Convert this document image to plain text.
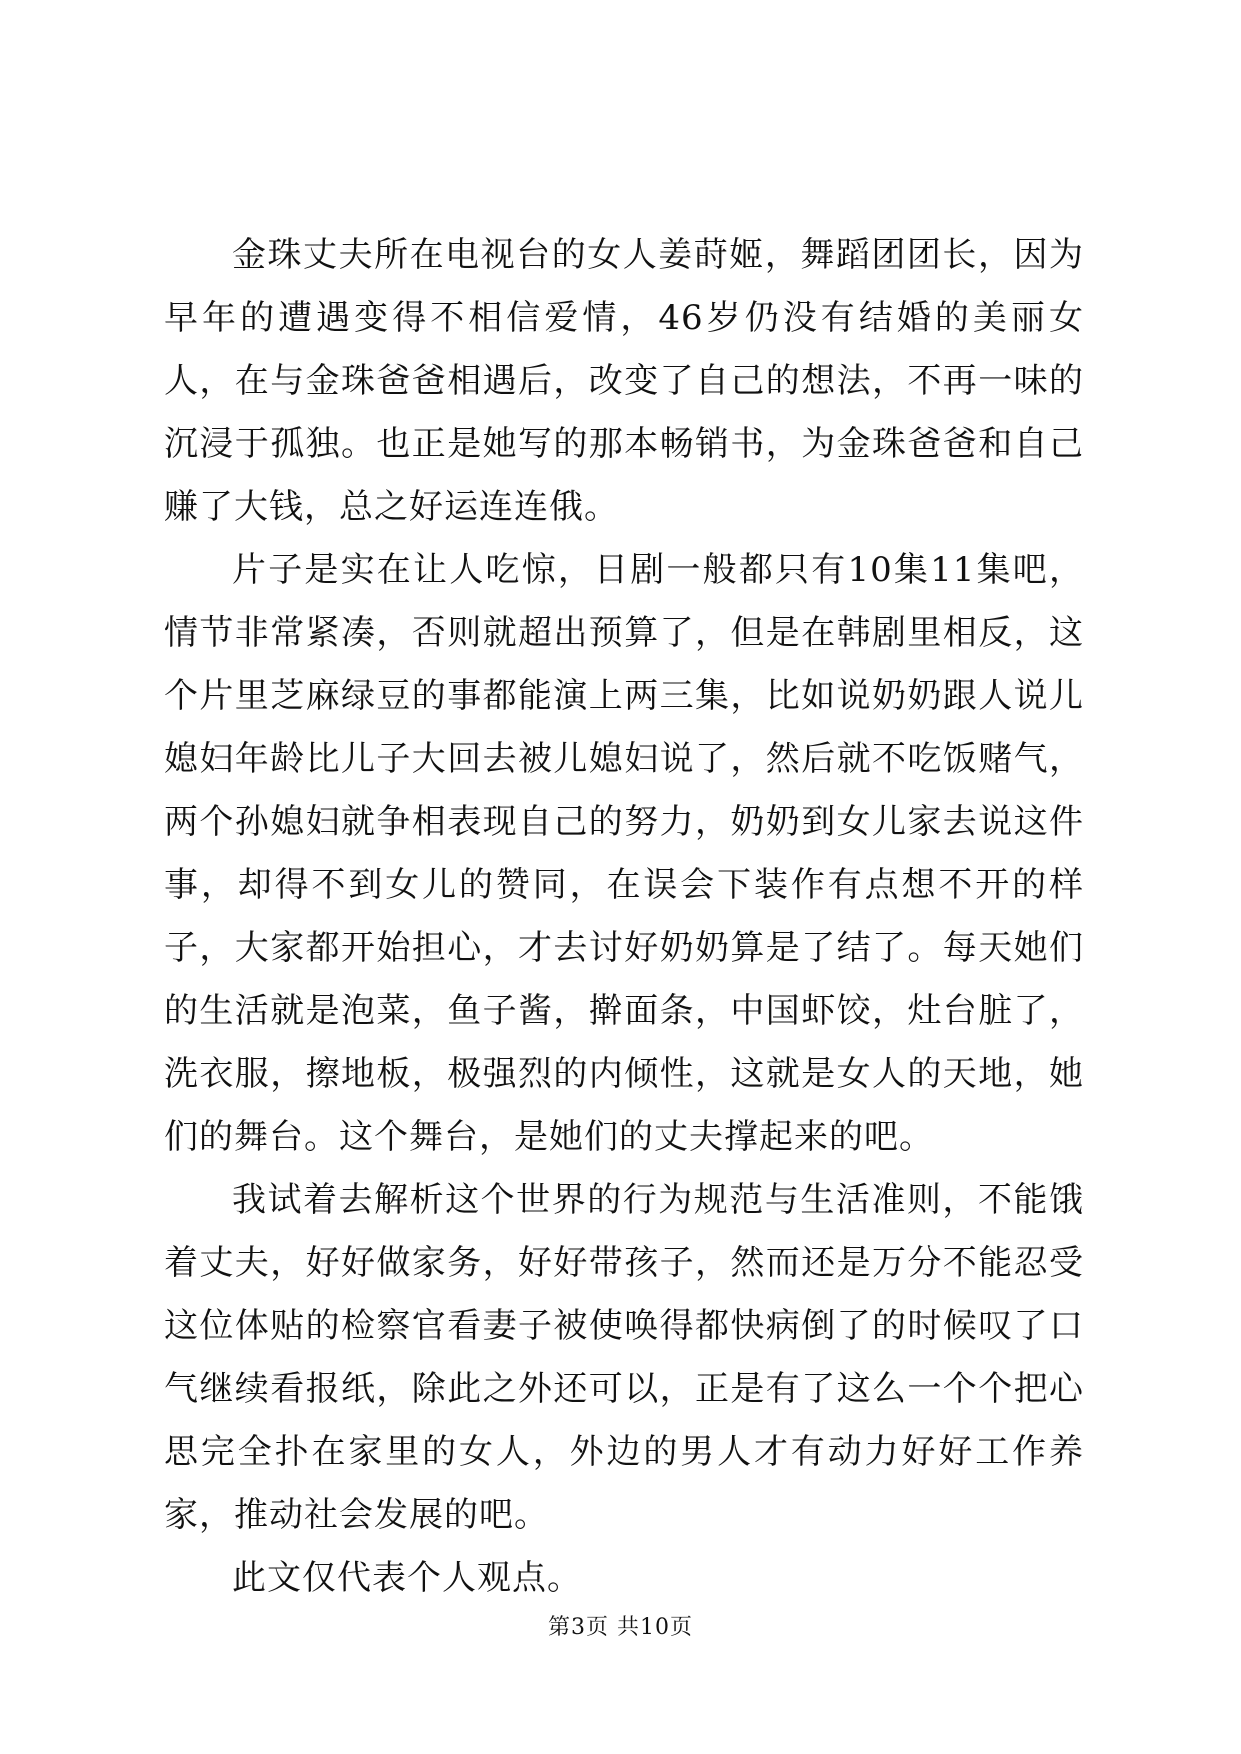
金珠丈夫所在电视台的女人姜莳姬，舞蹈团团长，因为早年的遭遇变得不相信爱情，46岁仍没有结婚的美丽女人，在与金珠爸爸相遇后，改变了自己的想法，不再一味的沉浸于孤独。也正是她写的那本畅销书，为金珠爸爸和自己赚了大钱，总之好运连连俄。

片子是实在让人吃惊，日剧一般都只有10集11集吧，情节非常紧凑，否则就超出预算了，但是在韩剧里相反，这个片里芝麻绿豆的事都能演上两三集，比如说奶奶跟人说儿媳妇年龄比儿子大回去被儿媳妇说了，然后就不吃饭赌气，两个孙媳妇就争相表现自己的努力，奶奶到女儿家去说这件事，却得不到女儿的赞同，在误会下装作有点想不开的样子，大家都开始担心，才去讨好奶奶算是了结了。每天她们的生活就是泡菜，鱼子酱，擀面条，中国虾饺，灶台脏了，洗衣服，擦地板，极强烈的内倾性，这就是女人的天地，她们的舞台。这个舞台，是她们的丈夫撑起来的吧。

我试着去解析这个世界的行为规范与生活准则，不能饿着丈夫，好好做家务，好好带孩子，然而还是万分不能忍受这位体贴的检察官看妻子被使唤得都快病倒了的时候叹了口气继续看报纸，除此之外还可以，正是有了这么一个个把心思完全扑在家里的女人，外边的男人才有动力好好工作养家，推动社会发展的吧。

此文仅代表个人观点。

第3页 共10页
